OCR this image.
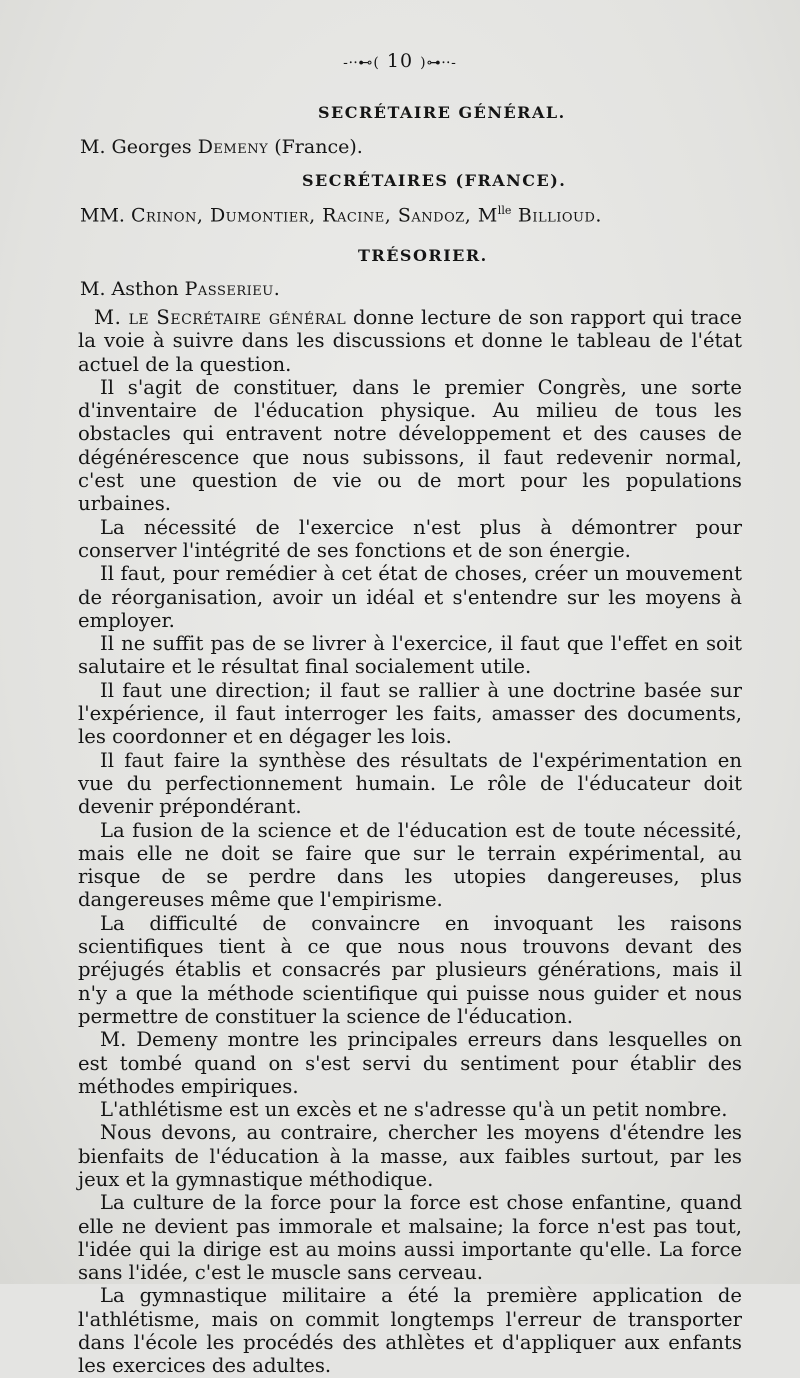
-⸱⸱⊷( 10 )⊶⸱⸱-
SECRÉTAIRE GÉNÉRAL.
M. Georges Demeny (France).
SECRÉTAIRES (FRANCE).
MM. Crinon, Dumontier, Racine, Sandoz, $M^{lle}$ Billioud.
TRÉSORIER.
M. Asthon Passerieu.

M. le Secrétaire général donne lecture de son rapport qui trace la voie à suivre dans les discussions et donne le tableau de l'état actuel de la question.

Il s'agit de constituer, dans le premier Congrès, une sorte d'inventaire de l'éducation physique. Au milieu de tous les obstacles qui entravent notre développement et des causes de dégénérescence que nous subissons, il faut redevenir normal, c'est une question de vie ou de mort pour les populations urbaines.

La nécessité de l'exercice n'est plus à démontrer pour conserver l'intégrité de ses fonctions et de son énergie.

Il faut, pour remédier à cet état de choses, créer un mouvement de réorganisation, avoir un idéal et s'entendre sur les moyens à employer.

Il ne suffit pas de se livrer à l'exercice, il faut que l'effet en soit salutaire et le résultat final socialement utile.

Il faut une direction; il faut se rallier à une doctrine basée sur l'expérience, il faut interroger les faits, amasser des documents, les coordonner et en dégager les lois.

Il faut faire la synthèse des résultats de l'expérimentation en vue du perfectionnement humain. Le rôle de l'éducateur doit devenir prépondérant.

La fusion de la science et de l'éducation est de toute nécessité, mais elle ne doit se faire que sur le terrain expérimental, au risque de se perdre dans les utopies dangereuses, plus dangereuses même que l'empirisme.

La difficulté de convaincre en invoquant les raisons scientifiques tient à ce que nous nous trouvons devant des préjugés établis et consacrés par plusieurs générations, mais il n'y a que la méthode scientifique qui puisse nous guider et nous permettre de constituer la science de l'éducation.

M. Demeny montre les principales erreurs dans lesquelles on est tombé quand on s'est servi du sentiment pour établir des méthodes empiriques.

L'athlétisme est un excès et ne s'adresse qu'à un petit nombre.

Nous devons, au contraire, chercher les moyens d'étendre les bienfaits de l'éducation à la masse, aux faibles surtout, par les jeux et la gymnastique méthodique.

La culture de la force pour la force est chose enfantine, quand elle ne devient pas immorale et malsaine; la force n'est pas tout, l'idée qui la dirige est au moins aussi importante qu'elle. La force sans l'idée, c'est le muscle sans cerveau.

La gymnastique militaire a été la première application de l'athlétisme, mais on commit longtemps l'erreur de transporter dans l'école les procédés des athlètes et d'appliquer aux enfants les exercices des adultes.
